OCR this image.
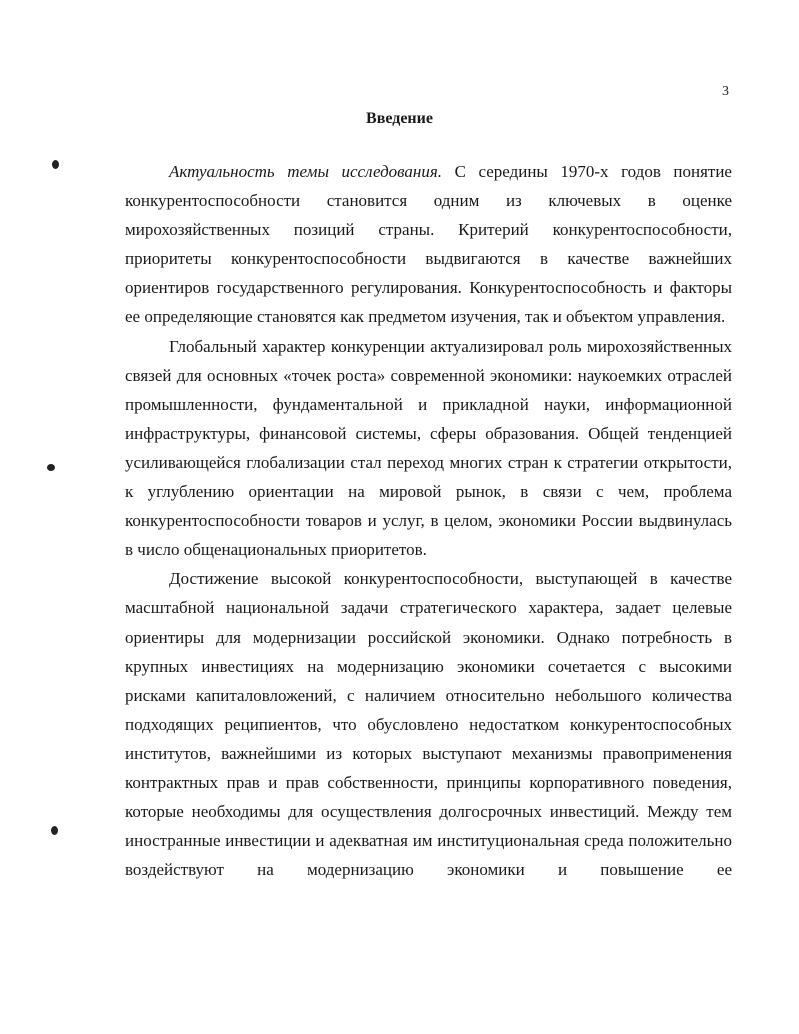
3
Введение

Актуальность темы исследования. С середины 1970-х годов понятие конкурентоспособности становится одним из ключевых в оценке мирохозяйственных позиций страны. Критерий конкурентоспособности, приоритеты конкурентоспособности выдвигаются в качестве важнейших ориентиров государственного регулирования. Конкурентоспособность и факторы ее определяющие становятся как предметом изучения, так и объектом управления.

Глобальный характер конкуренции актуализировал роль мирохозяйственных связей для основных «точек роста» современной экономики: наукоемких отраслей промышленности, фундаментальной и прикладной науки, информационной инфраструктуры, финансовой системы, сферы образования. Общей тенденцией усиливающейся глобализации стал переход многих стран к стратегии открытости, к углублению ориентации на мировой рынок, в связи с чем, проблема конкурентоспособности товаров и услуг, в целом, экономики России выдвинулась в число общенациональных приоритетов.

Достижение высокой конкурентоспособности, выступающей в качестве масштабной национальной задачи стратегического характера, задает целевые ориентиры для модернизации российской экономики. Однако потребность в крупных инвестициях на модернизацию экономики сочетается с высокими рисками капиталовложений, с наличием относительно небольшого количества подходящих реципиентов, что обусловлено недостатком конкурентоспособных институтов, важнейшими из которых выступают механизмы правоприменения контрактных прав и прав собственности, принципы корпоративного поведения, которые необходимы для осуществления долгосрочных инвестиций. Между тем иностранные инвестиции и адекватная им институциональная среда положительно воздействуют на модернизацию экономики и повышение ее
